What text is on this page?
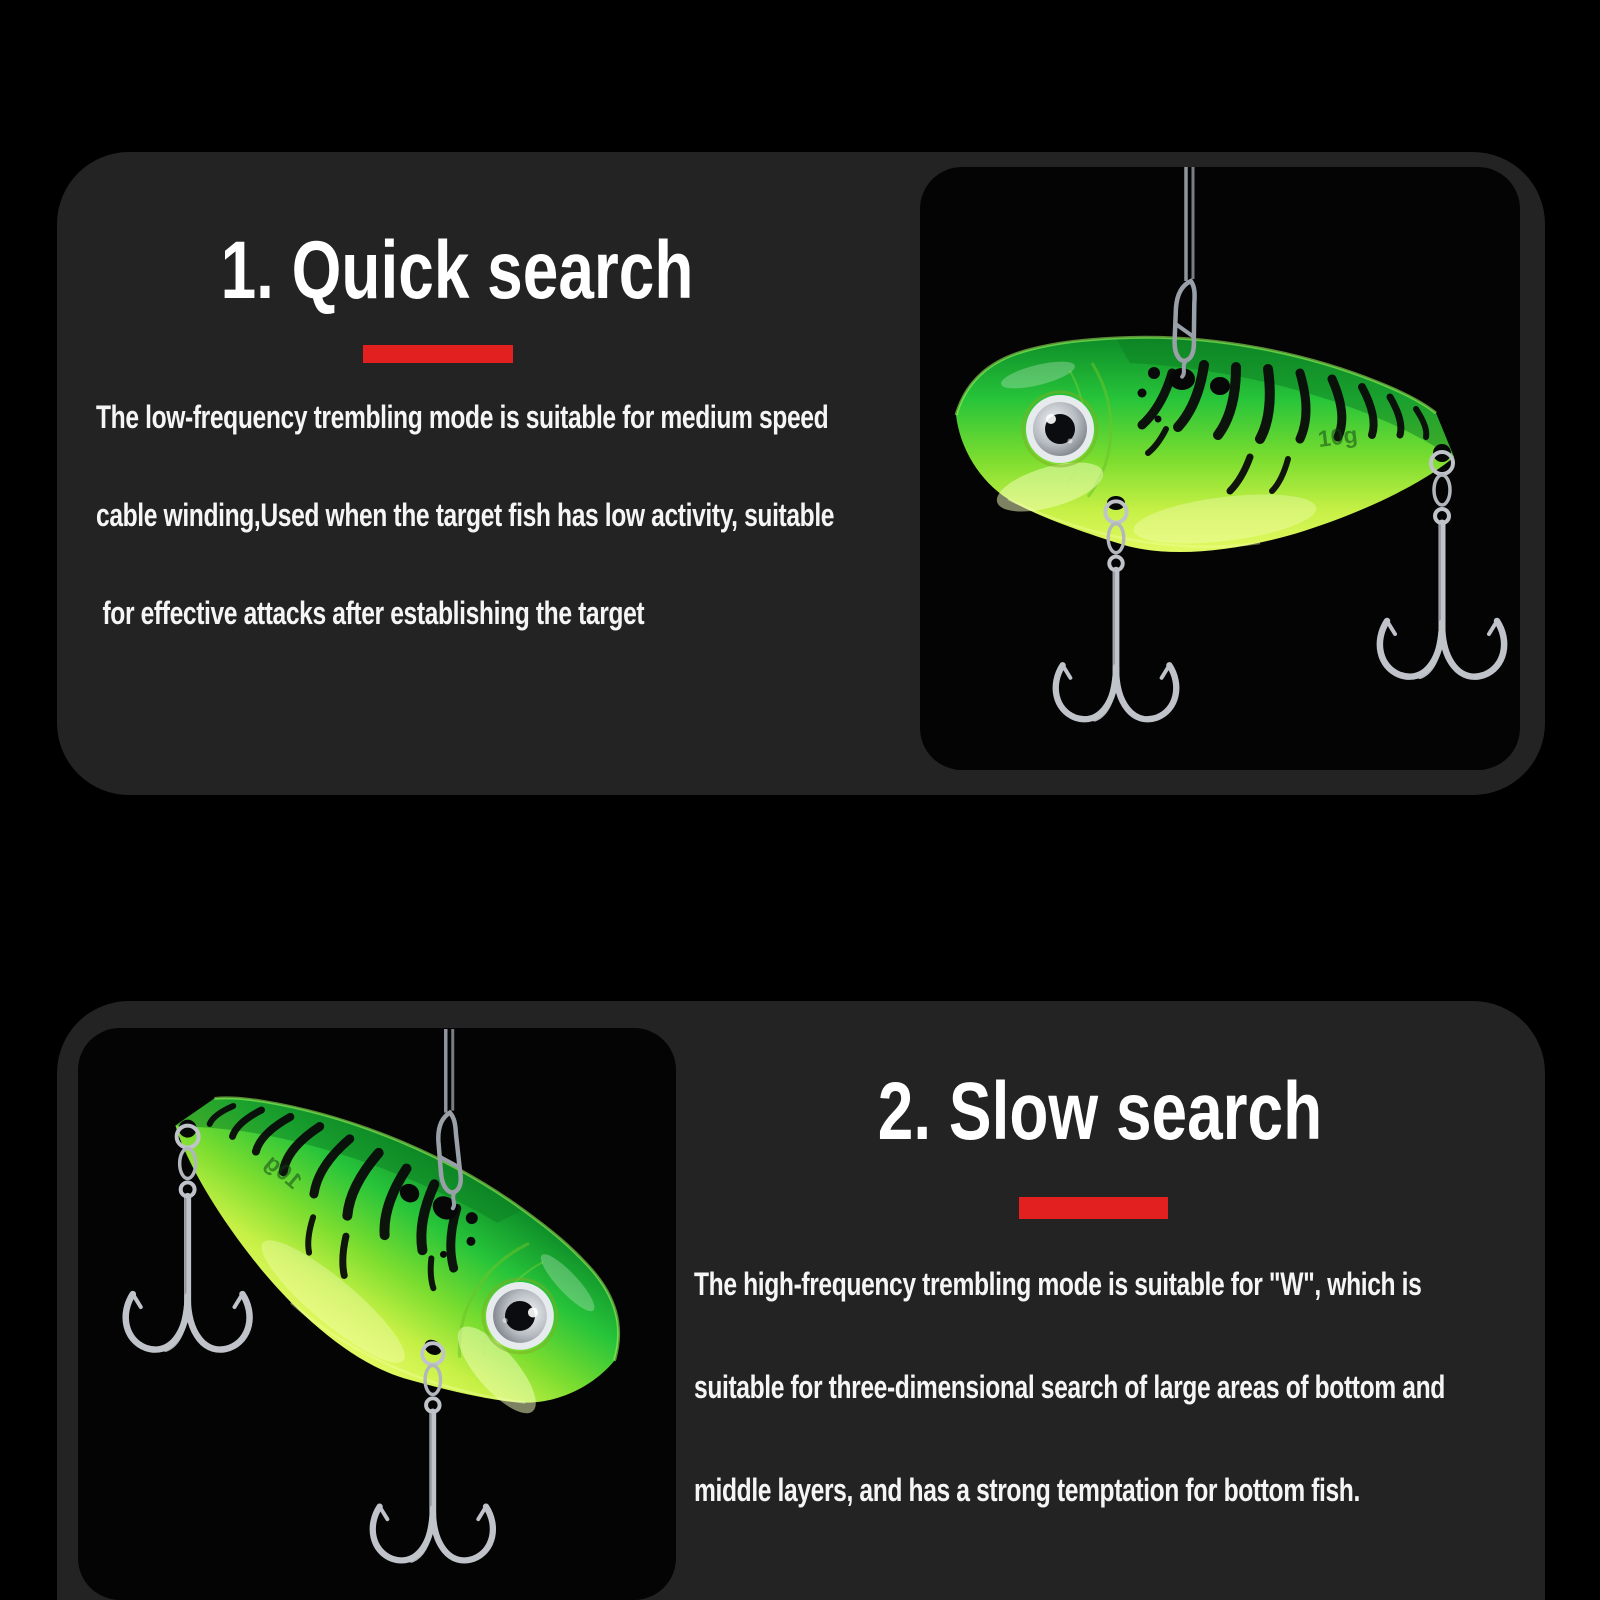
1. Quick search
The low-frequency trembling mode is suitable for medium speed
cable winding,Used when the target fish has low activity, suitable
for effective attacks after establishing the target
2. Slow search
The high-frequency trembling mode is suitable for "W", which is
suitable for three-dimensional search of large areas of bottom and
middle layers, and has a strong temptation for bottom fish.
